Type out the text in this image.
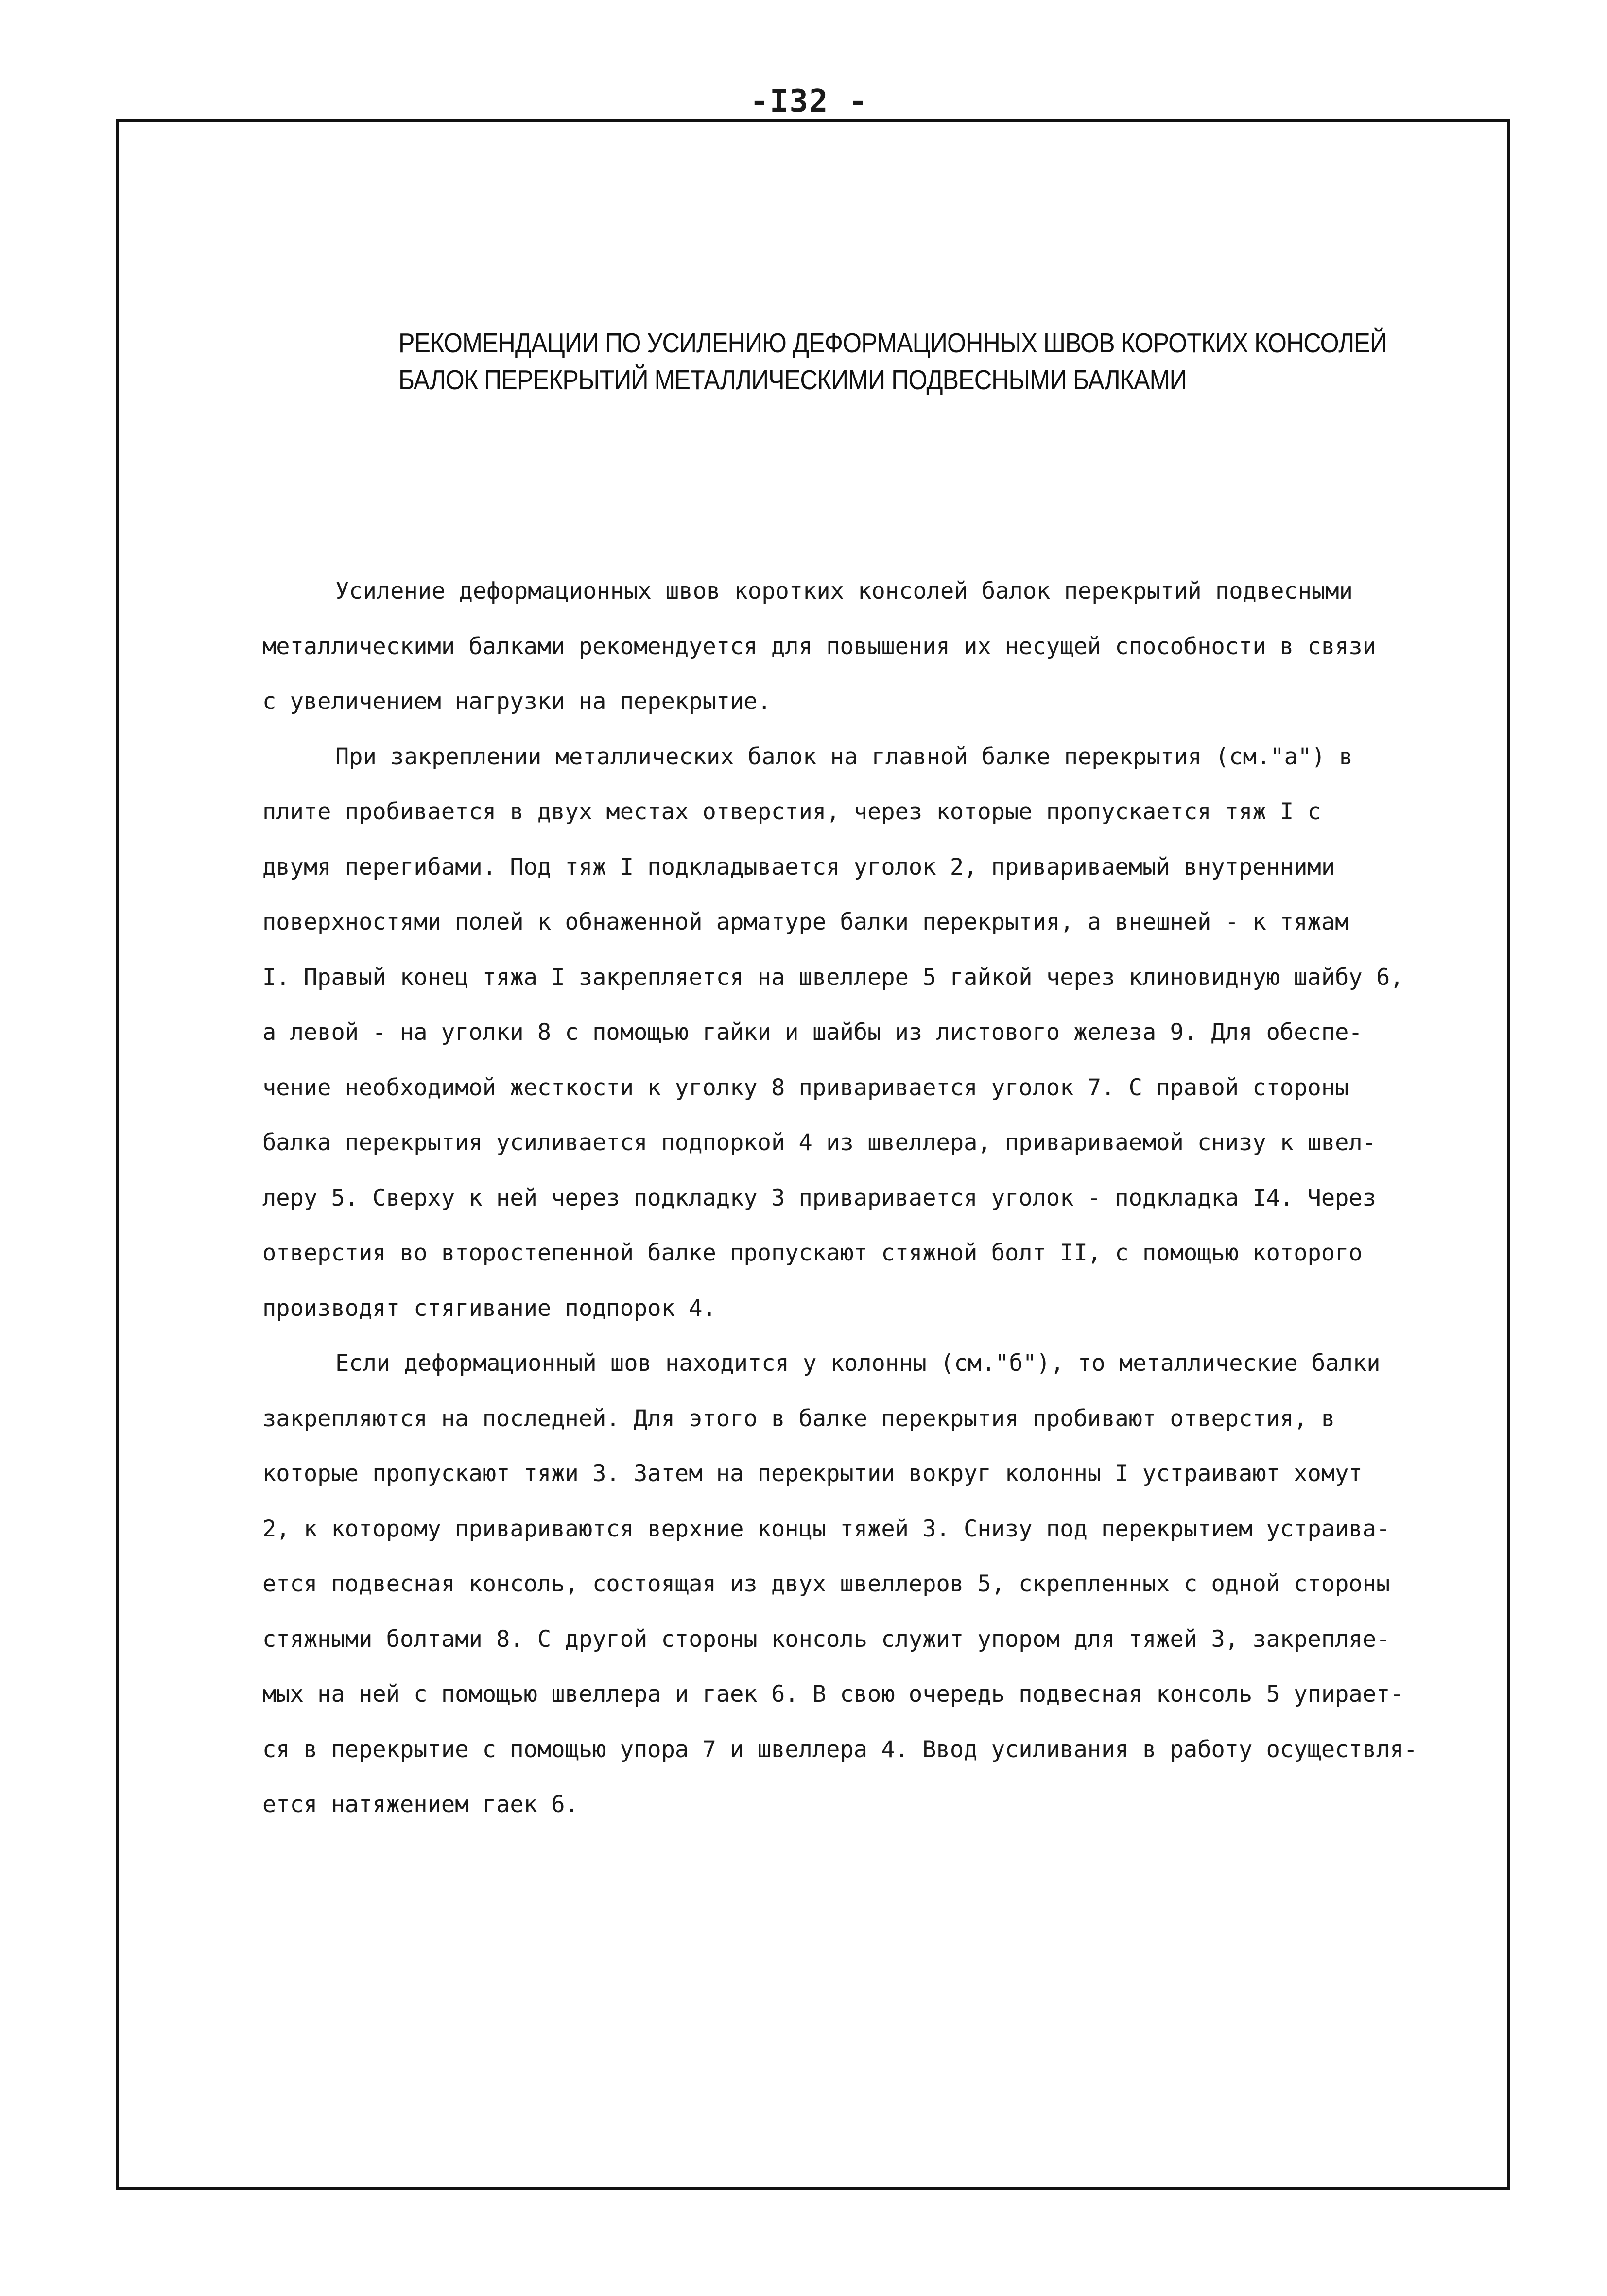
-I32 -
РЕКОМЕНДАЦИИ ПО УСИЛЕНИЮ ДЕФОРМАЦИОННЫХ ШВОВ КОРОТКИХ КОНСОЛЕЙ
БАЛОК ПЕРЕКРЫТИЙ МЕТАЛЛИЧЕСКИМИ ПОДВЕСНЫМИ БАЛКАМИ
Усиление деформационных швов коротких консолей балок перекрытий подвесными
металлическими балками рекомендуется для повышения их несущей способности в связи
с увеличением нагрузки на перекрытие.
При закреплении металлических балок на главной балке перекрытия (см."а") в
плите пробивается в двух местах отверстия, через которые пропускается тяж I с
двумя перегибами. Под тяж I подкладывается уголок 2, привариваемый внутренними
поверхностями полей к обнаженной арматуре балки перекрытия, а внешней - к тяжам
I. Правый конец тяжа I закрепляется на швеллере 5 гайкой через клиновидную шайбу 6,
а левой - на уголки 8 с помощью гайки и шайбы из листового железа 9. Для обеспе-
чение необходимой жесткости к уголку 8 приваривается уголок 7. С правой стороны
балка перекрытия усиливается подпоркой 4 из швеллера, привариваемой снизу к швел-
леру 5. Сверху к ней через подкладку 3 приваривается уголок - подкладка I4. Через
отверстия во второстепенной балке пропускают стяжной болт II, с помощью которого
производят стягивание подпорок 4.
Если деформационный шов находится у колонны (см."б"), то металлические балки
закрепляются на последней. Для этого в балке перекрытия пробивают отверстия, в
которые пропускают тяжи 3. Затем на перекрытии вокруг колонны I устраивают хомут
2, к которому привариваются верхние концы тяжей 3. Снизу под перекрытием устраива-
ется подвесная консоль, состоящая из двух швеллеров 5, скрепленных с одной стороны
стяжными болтами 8. С другой стороны консоль служит упором для тяжей 3, закрепляе-
мых на ней с помощью швеллера и гаек 6. В свою очередь подвесная консоль 5 упирает-
ся в перекрытие с помощью упора 7 и швеллера 4. Ввод усиливания в работу осуществля-
ется натяжением гаек 6.
